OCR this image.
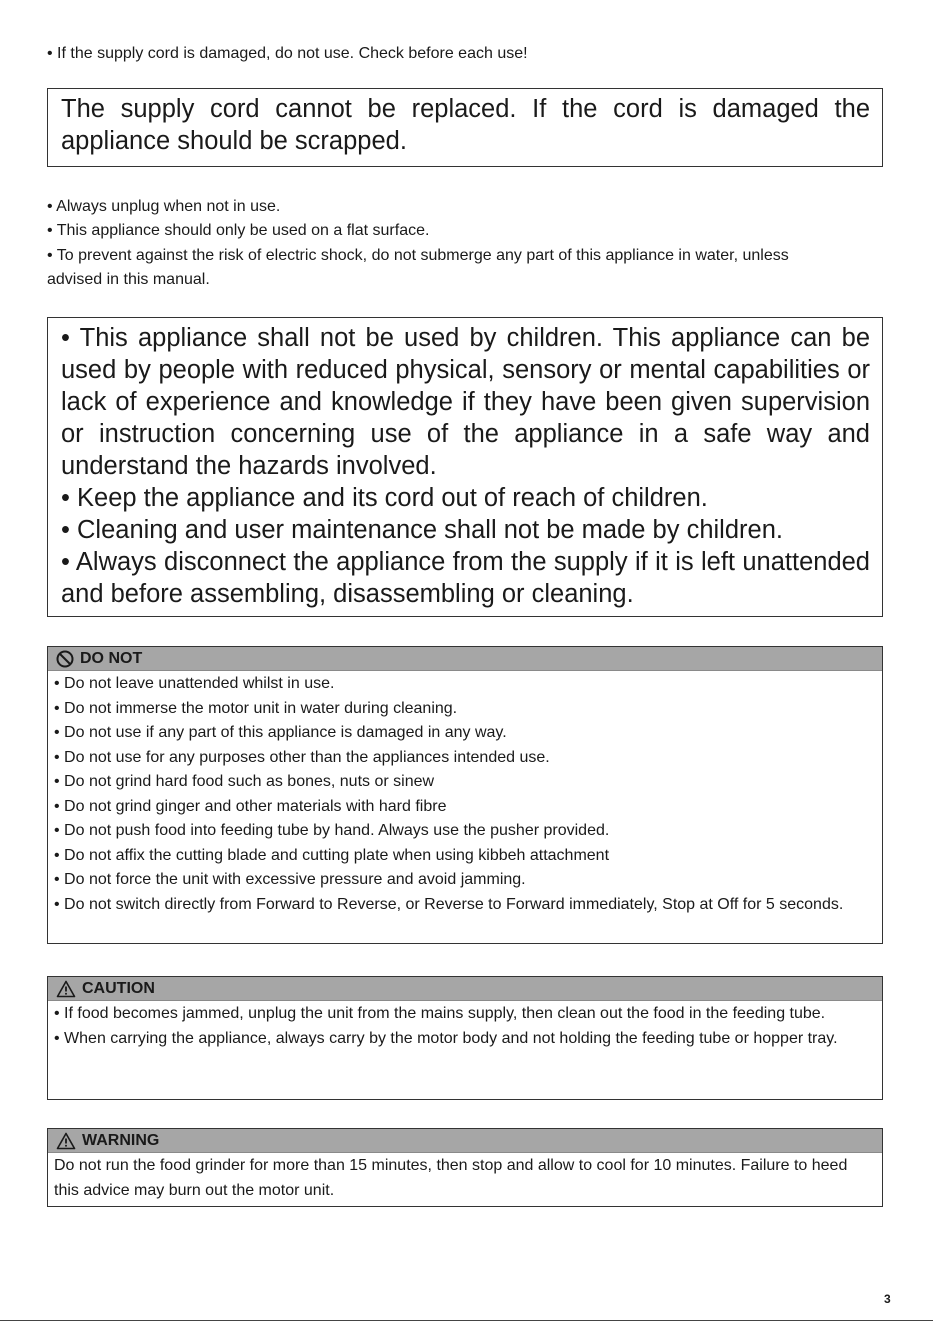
• If the supply cord is damaged, do not use. Check before each use!

The supply cord cannot be replaced. If the cord is damaged the appliance should be scrapped.

• Always unplug when not in use.
• This appliance should only be used on a flat surface.
• To prevent against the risk of electric shock, do not submerge any part of this appliance in water, unless
advised in this manual.

• This appliance shall not be used by children. This appliance can be used by people with reduced physical, sensory or mental capabilities or lack of experience and knowledge if they have been given supervision or instruction concerning use of the appliance in a safe way and understand the hazards involved.

• Keep the appliance and its cord out of reach of children.

• Cleaning and user maintenance shall not be made by children.

• Always disconnect the appliance from the supply if it is left unattended and before assembling, disassembling or cleaning.

DO NOT

• Do not leave unattended whilst in use.

• Do not immerse the motor unit in water during cleaning.

• Do not use if any part of this appliance is damaged in any way.

• Do not use for any purposes other than the appliances intended use.

• Do not grind hard food such as bones, nuts or sinew

• Do not grind ginger and other materials with hard fibre

• Do not push food into feeding tube by hand. Always use the pusher provided.

• Do not affix the cutting blade and cutting plate when using kibbeh attachment

• Do not force the unit with excessive pressure and avoid jamming.

• Do not switch directly from Forward to Reverse, or Reverse to Forward immediately, Stop at Off for 5 seconds.

CAUTION

• If food becomes jammed, unplug the unit from the mains supply, then clean out the food in the feeding tube.

• When carrying the appliance, always carry by the motor body and not holding the feeding tube or hopper tray.

WARNING

Do not run the food grinder for more than 15 minutes, then stop and allow to cool for 10 minutes. Failure to heed this advice may burn out the motor unit.

3
